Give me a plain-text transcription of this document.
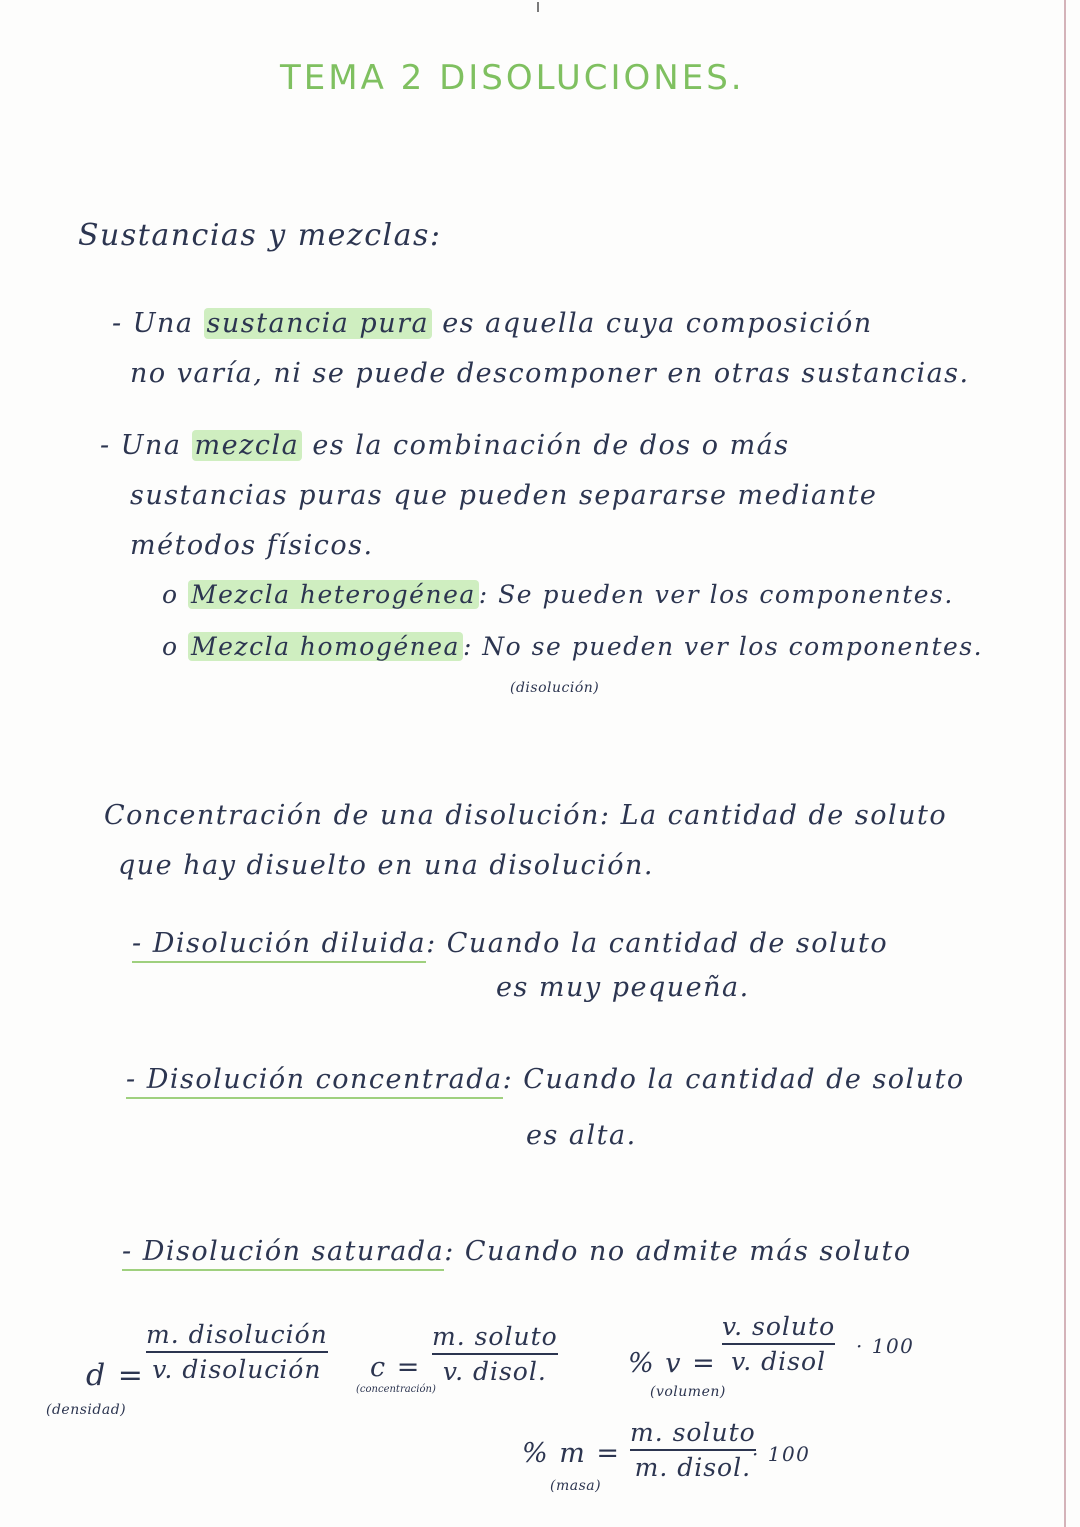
TEMA 2 DISOLUCIONES.
Sustancias y mezclas:
- Una sustancia pura es aquella cuya composición
no varía, ni se puede descomponer en otras sustancias.
- Una mezcla es la combinación de dos o más
sustancias puras que pueden separarse mediante
métodos físicos.
o Mezcla heterogénea : Se pueden ver los componentes.
o Mezcla homogénea : No se pueden ver los componentes.
(disolución)
Concentración de una disolución: La cantidad de soluto
que hay disuelto en una disolución.
- Disolución diluida: Cuando la cantidad de soluto
es muy pequeña.
- Disolución concentrada: Cuando la cantidad de soluto
es alta.
- Disolución saturada: Cuando no admite más soluto
d =
(densidad)
m. disolución
v. disolución c =
(concentración)
m. soluto
v. disol.	% v =
(volumen)
v. soluto
v. disol
· 100
% m =
(masa)
m. soluto
m. disol. · 100
